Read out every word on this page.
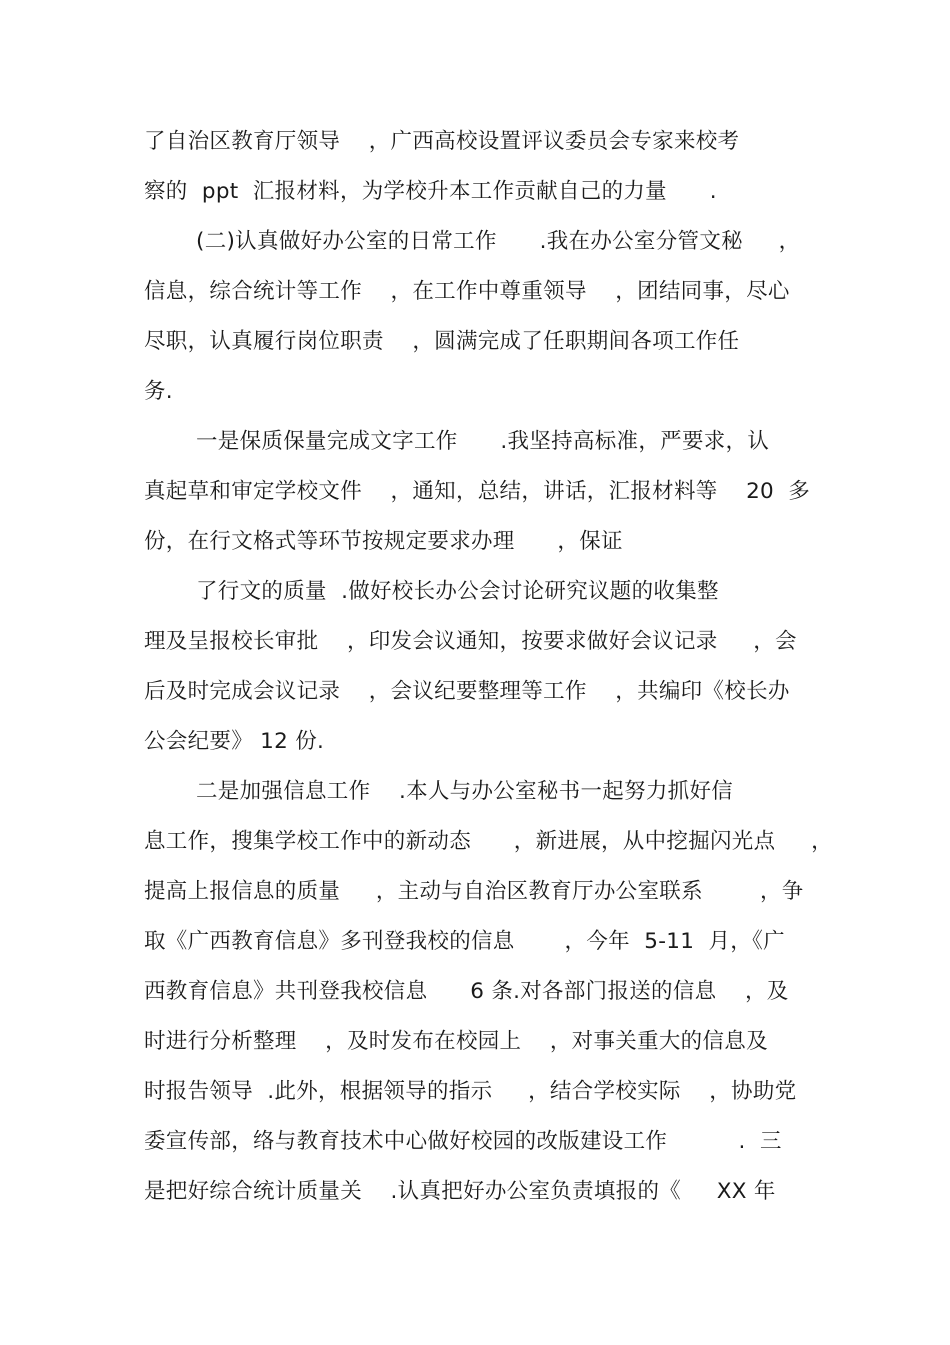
了自治区教育厅领导    ，广西高校设置评议委员会专家来校考
察的  ppt  汇报材料，为学校升本工作贡献自己的力量      .
(二)认真做好办公室的日常工作      .我在办公室分管文秘     ，
信息，综合统计等工作    ，在工作中尊重领导    ，团结同事，尽心
尽职，认真履行岗位职责    ，圆满完成了任职期间各项工作任
务.
一是保质保量完成文字工作      .我坚持高标准，严要求，认
真起草和审定学校文件    ，通知，总结，讲话，汇报材料等    20  多
份，在行文格式等环节按规定要求办理      ，保证
了行文的质量  .做好校长办公会讨论研究议题的收集整
理及呈报校长审批    ，印发会议通知，按要求做好会议记录     ，会
后及时完成会议记录    ，会议纪要整理等工作    ，共编印《校长办
公会纪要》 12 份.
二是加强信息工作    .本人与办公室秘书一起努力抓好信
息工作，搜集学校工作中的新动态      ，新进展，从中挖掘闪光点     ，
提高上报信息的质量     ，主动与自治区教育厅办公室联系        ，争
取《广西教育信息》多刊登我校的信息       ，今年  5-11  月，《广
西教育信息》共刊登我校信息      6 条.对各部门报送的信息    ，及
时进行分析整理    ，及时发布在校园上    ，对事关重大的信息及
时报告领导  .此外，根据领导的指示     ，结合学校实际    ，协助党
委宣传部，络与教育技术中心做好校园的改版建设工作          .  三
是把好综合统计质量关    .认真把好办公室负责填报的《     XX 年
